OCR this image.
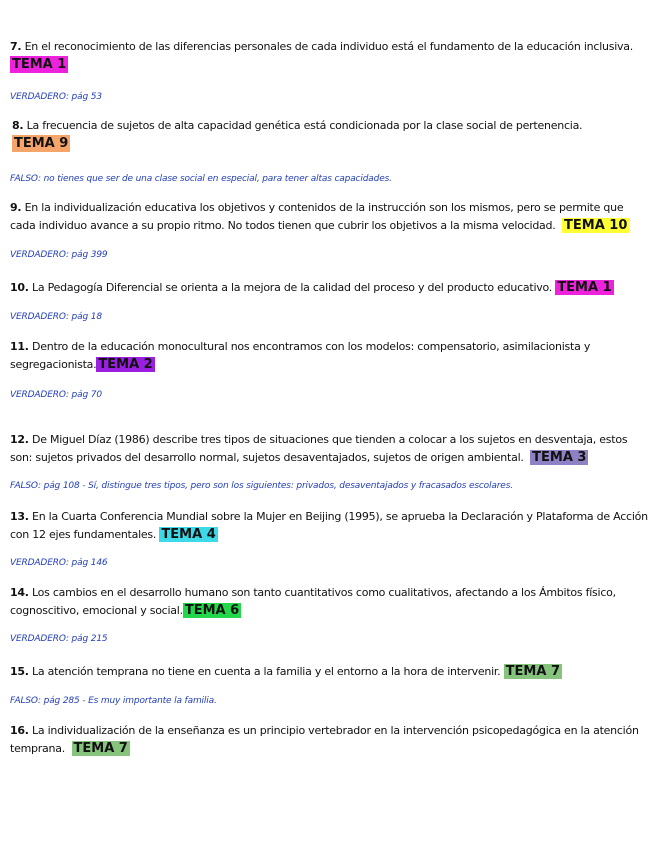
7. En el reconocimiento de las diferencias personales de cada individuo está el fundamento de la educación inclusiva.
TEMA 1
VERDADERO: pág 53
8. La frecuencia de sujetos de alta capacidad genética está condicionada por la clase social de pertenencia.
TEMA 9
FALSO: no tienes que ser de una clase social en especial, para tener altas capacidades.
9. En la individualización educativa los objetivos y contenidos de la instrucción son los mismos, pero se permite que cada individuo avance a su propio ritmo. No todos tienen que cubrir los objetivos a la misma velocidad. TEMA 10
VERDADERO: pág 399
10. La Pedagogía Diferencial se orienta a la mejora de la calidad del proceso y del producto educativo. TEMA 1
VERDADERO: pág 18
11. Dentro de la educación monocultural nos encontramos con los modelos: compensatorio, asimilacionista y segregacionista. TEMA 2
VERDADERO: pág 70
12. De Miguel Díaz (1986) describe tres tipos de situaciones que tienden a colocar a los sujetos en desventaja, estos son: sujetos privados del desarrollo normal, sujetos desaventajados, sujetos de origen ambiental. TEMA 3
FALSO: pág 108 - Sí, distingue tres tipos, pero son los siguientes: privados, desaventajados y fracasados escolares.
13. En la Cuarta Conferencia Mundial sobre la Mujer en Beijing (1995), se aprueba la Declaración y Plataforma de Acción con 12 ejes fundamentales. TEMA 4
VERDADERO: pág 146
14. Los cambios en el desarrollo humano son tanto cuantitativos como cualitativos, afectando a los Ámbitos físico, cognoscitivo, emocional y social. TEMA 6
VERDADERO: pág 215
15. La atención temprana no tiene en cuenta a la familia y el entorno a la hora de intervenir. TEMA 7
FALSO: pág 285 - Es muy importante la familia.
16. La individualización de la enseñanza es un principio vertebrador en la intervención psicopedagógica en la atención temprana. TEMA 7
